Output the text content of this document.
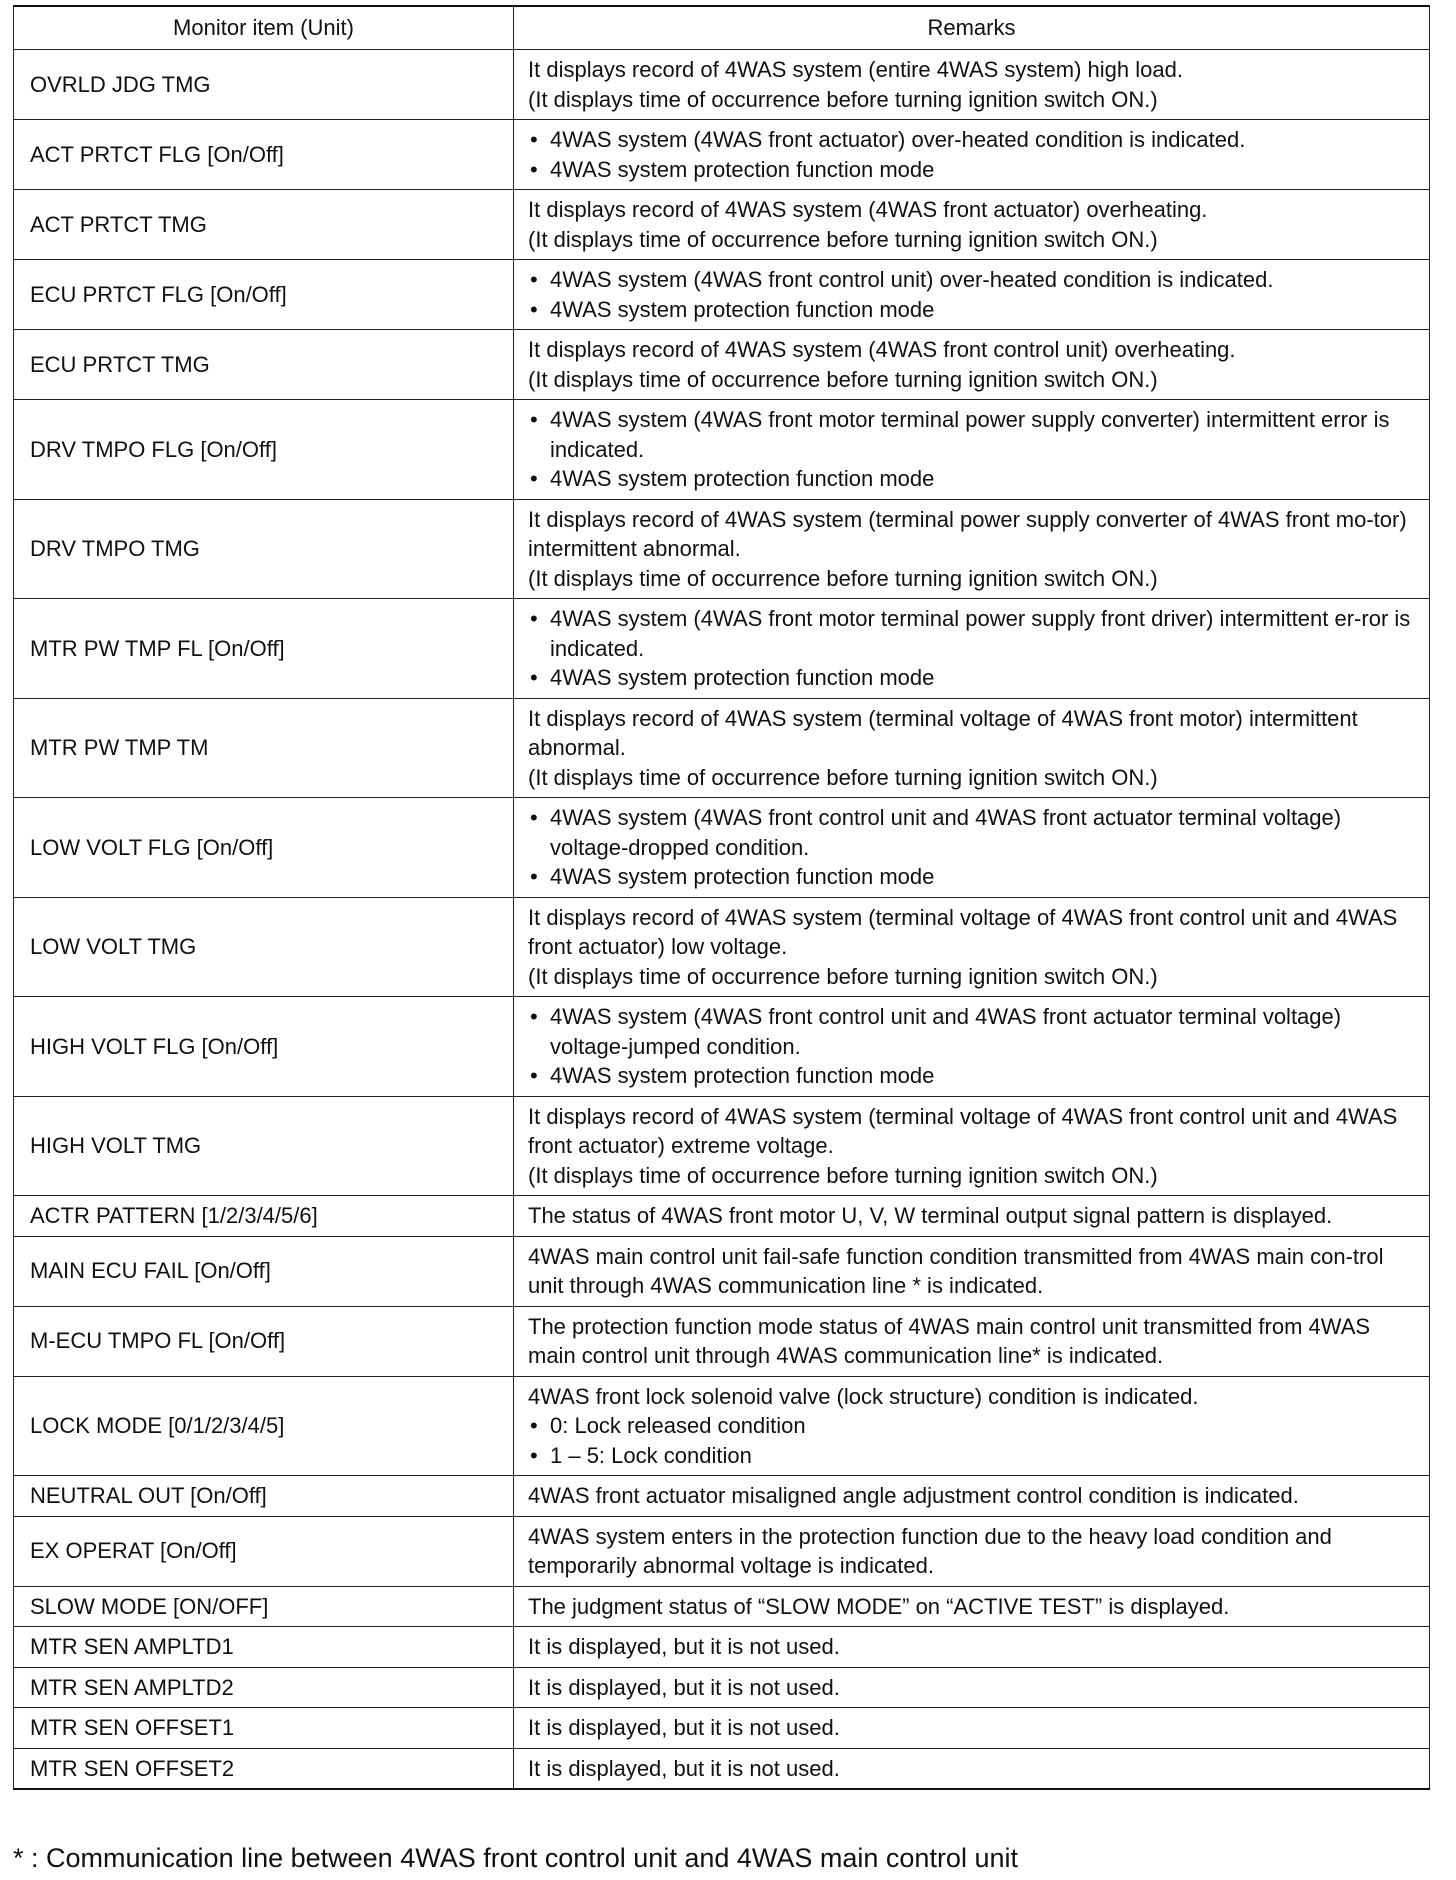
Monitor item (Unit)	Remarks
OVRLD JDG TMG	It displays record of 4WAS system (entire 4WAS system) high load.
(It displays time of occurrence before turning ignition switch ON.)

ACT PRTCT FLG [On/Off]	• 4WAS system (4WAS front actuator) over-heated condition is indicated.
• 4WAS system protection function mode

ACT PRTCT TMG	It displays record of 4WAS system (4WAS front actuator) overheating.
(It displays time of occurrence before turning ignition switch ON.)

ECU PRTCT FLG [On/Off]	• 4WAS system (4WAS front control unit) over-heated condition is indicated.
• 4WAS system protection function mode

ECU PRTCT TMG	It displays record of 4WAS system (4WAS front control unit) overheating.
(It displays time of occurrence before turning ignition switch ON.)

DRV TMPO FLG [On/Off]	• 4WAS system (4WAS front motor terminal power supply converter) intermittent error is indicated.
• 4WAS system protection function mode

DRV TMPO TMG	It displays record of 4WAS system (terminal power supply converter of 4WAS front mo-tor) intermittent abnormal.
(It displays time of occurrence before turning ignition switch ON.)

MTR PW TMP FL [On/Off]	• 4WAS system (4WAS front motor terminal power supply front driver) intermittent er-ror is indicated.
• 4WAS system protection function mode

MTR PW TMP TM	It displays record of 4WAS system (terminal voltage of 4WAS front motor) intermittent abnormal.
(It displays time of occurrence before turning ignition switch ON.)

LOW VOLT FLG [On/Off]	• 4WAS system (4WAS front control unit and 4WAS front actuator terminal voltage) voltage-dropped condition.
• 4WAS system protection function mode

LOW VOLT TMG	It displays record of 4WAS system (terminal voltage of 4WAS front control unit and 4WAS front actuator) low voltage.
(It displays time of occurrence before turning ignition switch ON.)

HIGH VOLT FLG [On/Off]	• 4WAS system (4WAS front control unit and 4WAS front actuator terminal voltage) voltage-jumped condition.
• 4WAS system protection function mode

HIGH VOLT TMG	It displays record of 4WAS system (terminal voltage of 4WAS front control unit and 4WAS front actuator) extreme voltage.
(It displays time of occurrence before turning ignition switch ON.)

ACTR PATTERN [1/2/3/4/5/6]	The status of 4WAS front motor U, V, W terminal output signal pattern is displayed.

MAIN ECU FAIL [On/Off]	4WAS main control unit fail-safe function condition transmitted from 4WAS main con-trol unit through 4WAS communication line * is indicated.

M-ECU TMPO FL [On/Off]	The protection function mode status of 4WAS main control unit transmitted from 4WAS main control unit through 4WAS communication line* is indicated.

LOCK MODE [0/1/2/3/4/5]	4WAS front lock solenoid valve (lock structure) condition is indicated.
• 0: Lock released condition
• 1 – 5: Lock condition

NEUTRAL OUT [On/Off]	4WAS front actuator misaligned angle adjustment control condition is indicated.

EX OPERAT [On/Off]	4WAS system enters in the protection function due to the heavy load condition and temporarily abnormal voltage is indicated.

SLOW MODE [ON/OFF]	The judgment status of “SLOW MODE” on “ACTIVE TEST” is displayed.

MTR SEN AMPLTD1	It is displayed, but it is not used.

MTR SEN AMPLTD2	It is displayed, but it is not used.

MTR SEN OFFSET1	It is displayed, but it is not used.

MTR SEN OFFSET2	It is displayed, but it is not used.
* : Communication line between 4WAS front control unit and 4WAS main control unit
